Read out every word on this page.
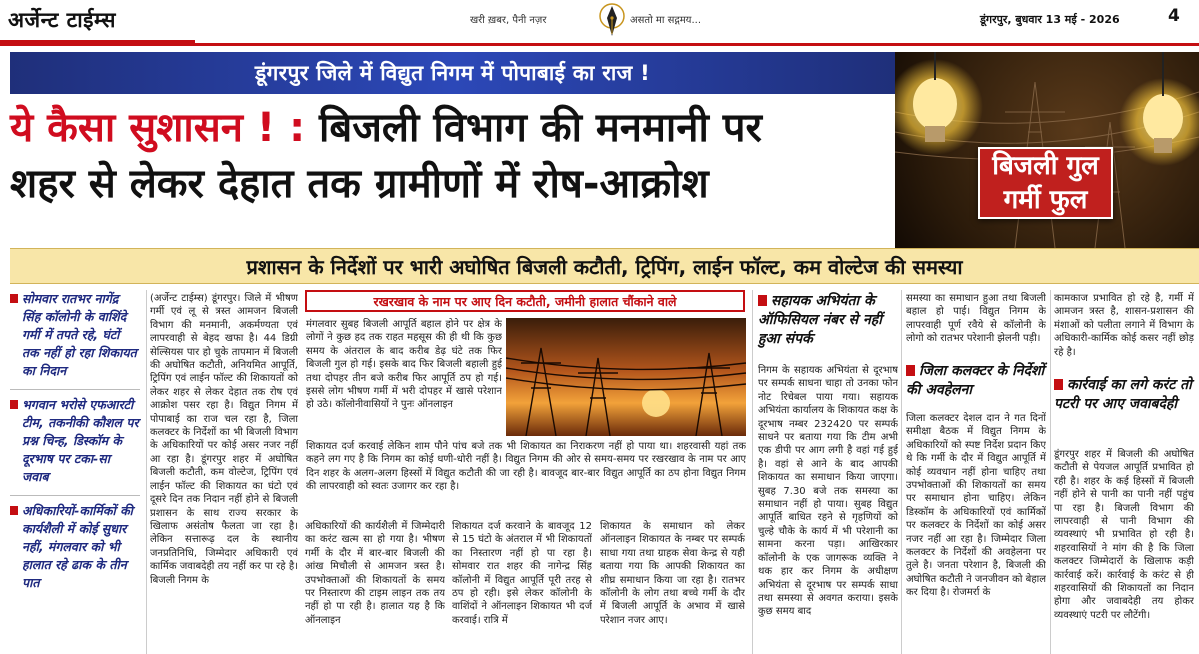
अर्जेन्ट टाईम्स	खरी ख़बर, पैनी नज़र	असतो मा सद्गमय...	डूंगरपुर, बुधवार 13 मई - 2026	4
डूंगरपुर जिले में विद्युत निगम में पोपाबाई का राज !
ये कैसा सुशासन ! : बिजली विभाग की मनमानी पर
शहर से लेकर देहात तक ग्रामीणों में रोष-आक्रोश	बिजली गुल गर्मी फुल
प्रशासन के निर्देशों पर भारी अघोषित बिजली कटौती, ट्रिपिंग, लाईन फॉल्ट, कम वोल्टेज की समस्या
सोमवार रातभर नागेंद्र सिंह कॉलोनी के वाशिंदे गर्मी में तपते रहे, घंटों तक नहीं हो रहा शिकायत का निदान
भगवान भरोसे एफआरटी टीम, तकनीकी कौशल पर प्रश्न चिन्ह, डिस्कॉम के दूरभाष पर टका-सा जवाब
अधिकारियों-कार्मिकों की कार्यशैली में कोई सुधार नहीं, मंगलवार को भी हालात रहे ढाक के तीन पात
(अर्जेन्ट टाईम्स) डूंगरपुर। जिले में भीषण गर्मी एवं लू से त्रस्त आमजन बिजली विभाग की मनमानी, अकर्मण्यता एवं लापरवाही से बेहद खफा है। 44 डिग्री सेल्सियस पार हो चुके तापमान में बिजली की अघोषित कटौती, अनियमित आपूर्ति, ट्रिपिंग एवं लाईन फॉल्ट की शिकायतों को लेकर शहर से लेकर देहात तक रोष एवं आक्रोश पसर रहा है। विद्युत निगम में पोपाबाई का राज चल रहा है, जिला कलक्टर के निर्देशों का भी बिजली विभाग के अधिकारियों पर कोई असर नजर नहीं आ रहा है। डूंगरपुर शहर में अघोषित बिजली कटौती, कम वोल्टेज, ट्रिपिंग एवं लाईन फॉल्ट की शिकायत का घंटो एवं दूसरे दिन तक निदान नहीं होने से बिजली प्रशासन के साथ राज्य सरकार के खिलाफ असंतोष फैलता जा रहा है। लेकिन सत्तारूढ़ दल के स्थानीय जनप्रतिनिधि, जिम्मेदार अधिकारी एवं कार्मिक जवाबदेही तय नहीं कर पा रहे है। बिजली निगम के
रखरखाव के नाम पर आए दिन कटौती, जमीनी हालात चौंकाने वाले
मंगलवार सुबह बिजली आपूर्ति बहाल होने पर क्षेत्र के लोगों ने कुछ हद तक राहत महसूस की ही थी कि कुछ समय के अंतराल के बाद करीब डेढ़ घंटे तक फिर बिजली गुल हो गई। इसके बाद फिर बिजली बहाली हुई तथा दोपहर तीन बजे करीब फिर आपूर्ति ठप हो गई। इससे लोग भीषण गर्मी में भरी दोपहर में खासे परेशान हो उठे। कॉलोनीवासियों ने पुनः ऑनलाइन
शिकायत दर्ज करवाई लेकिन शाम पौने पांच बजे तक भी शिकायत का निराकरण नहीं हो पाया था। शहरवासी यहां तक कहने लग गए है कि निगम का कोई धणी-धोरी नहीं है। विद्युत निगम की ओर से समय-समय पर रखरखाव के नाम पर आए दिन शहर के अलग-अलग हिस्सों में विद्युत कटौती की जा रही है। बावजूद बार-बार विद्युत आपूर्ति का ठप होना विद्युत निगम की लापरवाही को स्वतः उजागर कर रहा है।
अधिकारियों की कार्यशैली में जिम्मेदारी का करंट खत्म सा हो गया है। भीषण गर्मी के दौर में बार-बार बिजली की आंख मिचौली से आमजन त्रस्त है। उपभोक्ताओं की शिकायतों के समय पर निस्तारण की टाइम लाइन तक तय नहीं हो पा रही है। हालात यह है कि ऑनलाइन
शिकायत दर्ज करवाने के बावजूद 12 से 15 घंटो के अंतराल में भी शिकायतों का निस्तारण नहीं हो पा रहा है। सोमवार रात शहर की नागेन्द्र सिंह कॉलोनी में विद्युत आपूर्ति पूरी तरह से ठप हो रही। इसे लेकर कॉलोनी के वाशिंदों ने ऑनलाइन शिकायत भी दर्ज करवाई। रात्रि में
शिकायत के समाधान को लेकर ऑनलाइन शिकायत के नम्बर पर सम्पर्क साधा गया तथा ग्राहक सेवा केन्द्र से यही बताया गया कि आपकी शिकायत का शीघ्र समाधान किया जा रहा है। रातभर कॉलोनी के लोग तथा बच्चे गर्मी के दौर में बिजली आपूर्ति के अभाव में खासे परेशान नजर आए।
सहायक अभियंता के ऑफिसियल नंबर से नहीं हुआ संपर्क
निगम के सहायक अभियंता से दूरभाष पर सम्पर्क साधना चाहा तो उनका फोन नोट रिचेबल पाया गया। सहायक अभियंता कार्यालय के शिकायत कक्ष के दूरभाष नम्बर 232420 पर सम्पर्क साधने पर बताया गया कि टीम अभी एक डीपी पर आग लगी है वहां गई हुई है। वहां से आने के बाद आपकी शिकायत का समाधान किया जाएगा। सुबह 7.30 बजे तक समस्या का समाधान नहीं हो पाया। सुबह विद्युत आपूर्ति बाधित रहने से गृहणियों को चुल्हे चौके के कार्य में भी परेशानी का सामना करना पड़ा। आखिरकार कॉलोनी के एक जागरूक व्यक्ति ने थक हार कर निगम के अधीक्षण अभियंता से दूरभाष पर सम्पर्क साधा तथा समस्या से अवगत कराया। इसके कुछ समय बाद
समस्या का समाधान हुआ तथा बिजली बहाल हो पाई। विद्युत निगम के लापरवाही पूर्ण रवैये से कॉलोनी के लोगो को रातभर परेशानी झेलनी पड़ी।
जिला कलक्टर के निर्देशों की अवहेलना
जिला कलक्टर देशल दान ने गत दिनों समीक्षा बैठक में विद्युत निगम के अधिकारियों को स्पष्ट निर्देश प्रदान किए थे कि गर्मी के दौर में विद्युत आपूर्ति में कोई व्यवधान नहीं होना चाहिए तथा उपभोक्ताओं की शिकायतों का समय पर समाधान होना चाहिए। लेकिन डिस्कॉम के अधिकारियों एवं कार्मिकों पर कलक्टर के निर्देशों का कोई असर नजर नहीं आ रहा है। जिम्मेदार जिला कलक्टर के निर्देशों की अवहेलना पर तुले है। जनता परेशान है, बिजली की अघोषित कटौती ने जनजीवन को बेहाल कर दिया है। रोजमर्रा के
कामकाज प्रभावित हो रहे है, गर्मी में आमजन त्रस्त है, शासन-प्रशासन की मंशाओं को पलीता लगाने में विभाग के अधिकारी-कार्मिक कोई कसर नहीं छोड़ रहे है।
कार्रवाई का लगे करंट तो पटरी पर आए जवाबदेही
डूंगरपुर शहर में बिजली की अघोषित कटौती से पेयजल आपूर्ति प्रभावित हो रही है। शहर के कई हिस्सों में बिजली नहीं होने से पानी का पानी नहीं पहुंच पा रहा है। बिजली विभाग की लापरवाही से पानी विभाग की व्यवस्थाएं भी प्रभावित हो रही है। शहरवासियों ने मांग की है कि जिला कलक्टर जिम्मेदारों के खिलाफ कड़ी कार्रवाई करें। कार्रवाई के करंट से ही शहरवासियों की शिकायतों का निदान होगा और जवाबदेही तय होकर व्यवस्थाएं पटरी पर लौटेंगी।
